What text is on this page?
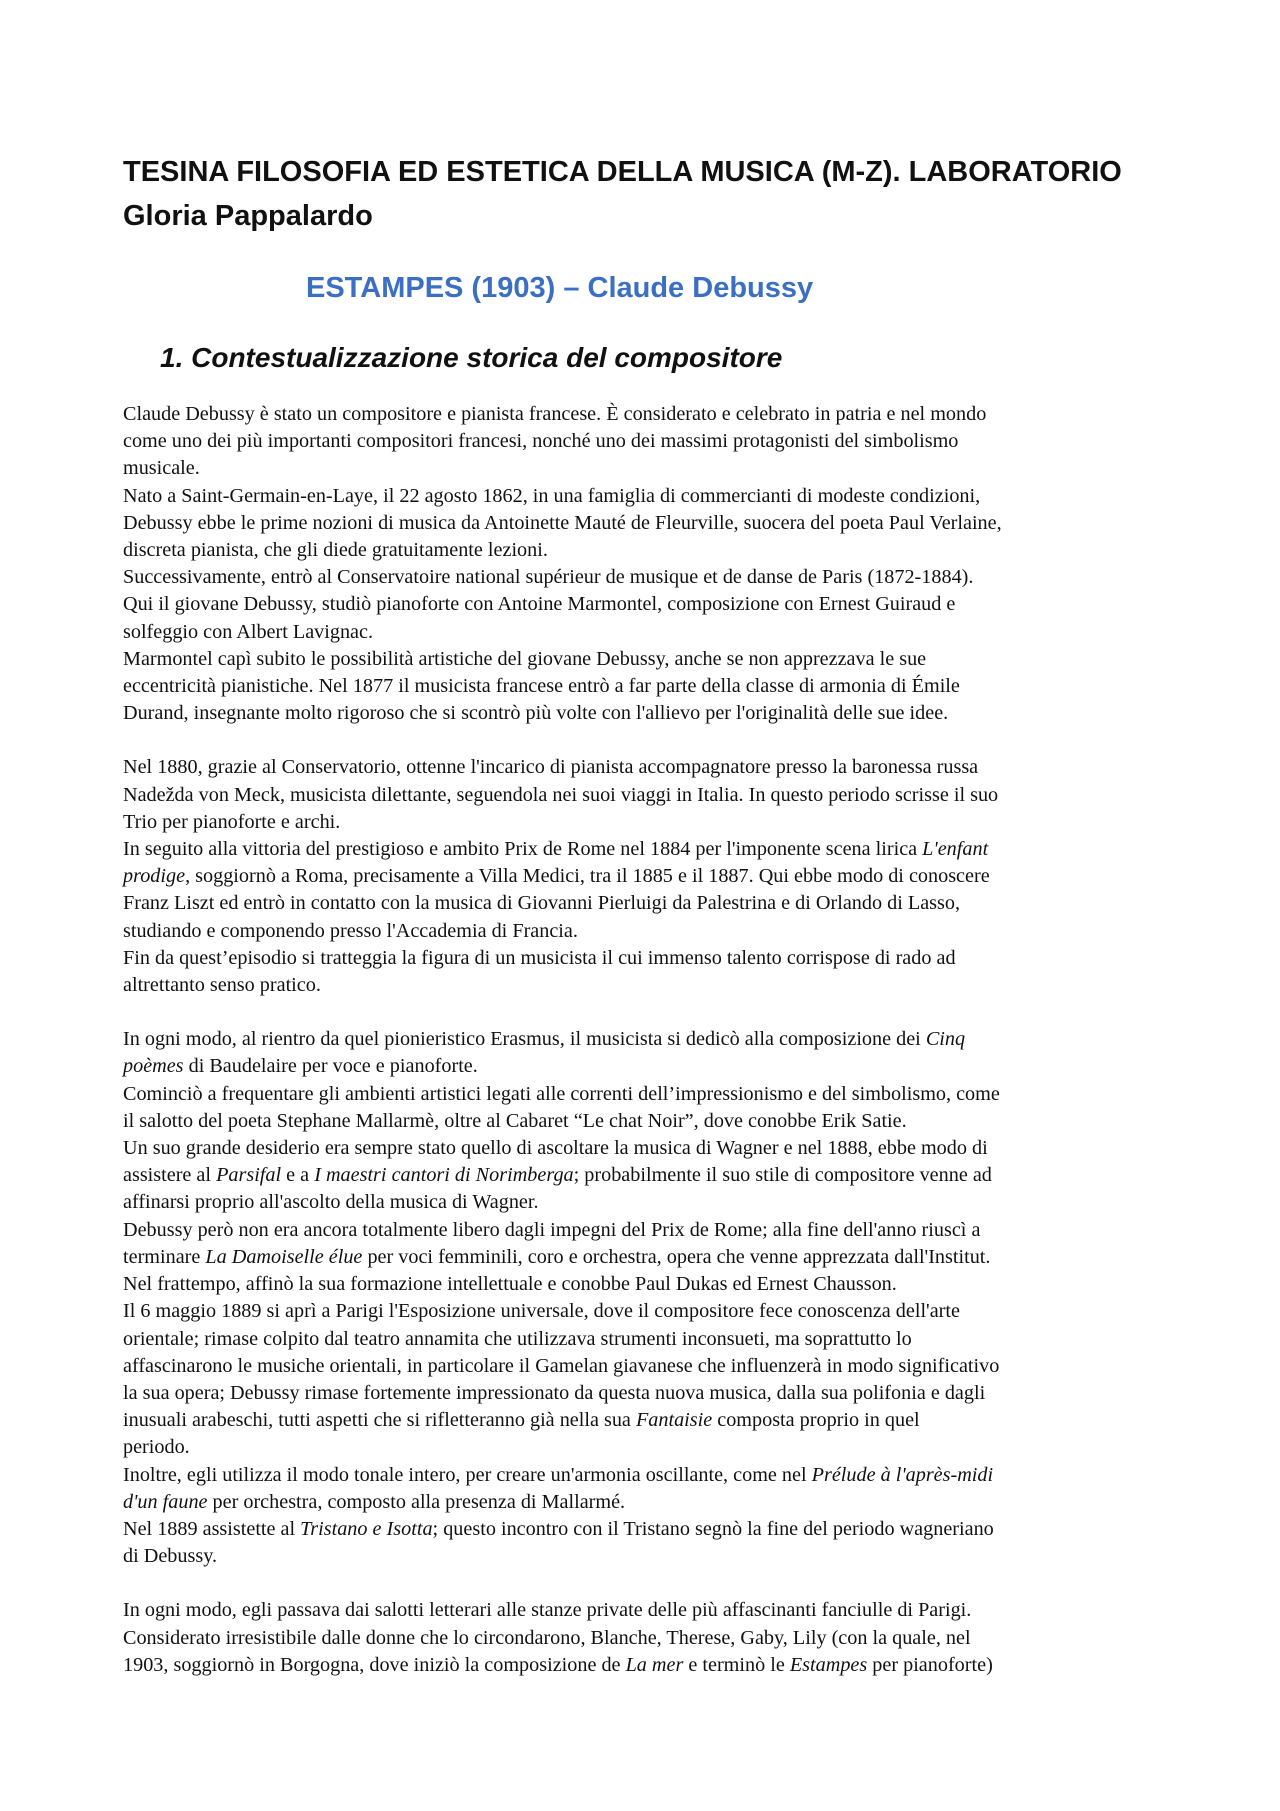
TESINA FILOSOFIA ED ESTETICA DELLA MUSICA (M-Z). LABORATORIO
Gloria Pappalardo
ESTAMPES (1903) – Claude Debussy
1. Contestualizzazione storica del compositore

Claude Debussy è stato un compositore e pianista francese. È considerato e celebrato in patria e nel mondo
come uno dei più importanti compositori francesi, nonché uno dei massimi protagonisti del simbolismo
musicale.
Nato a Saint-Germain-en-Laye, il 22 agosto 1862, in una famiglia di commercianti di modeste condizioni,
Debussy ebbe le prime nozioni di musica da Antoinette Mauté de Fleurville, suocera del poeta Paul Verlaine,
discreta pianista, che gli diede gratuitamente lezioni.
Successivamente, entrò al Conservatoire national supérieur de musique et de danse de Paris (1872-1884).
Qui il giovane Debussy, studiò pianoforte con Antoine Marmontel, composizione con Ernest Guiraud e
solfeggio con Albert Lavignac.
Marmontel capì subito le possibilità artistiche del giovane Debussy, anche se non apprezzava le sue
eccentricità pianistiche. Nel 1877 il musicista francese entrò a far parte della classe di armonia di Émile
Durand, insegnante molto rigoroso che si scontrò più volte con l'allievo per l'originalità delle sue idee.

Nel 1880, grazie al Conservatorio, ottenne l'incarico di pianista accompagnatore presso la baronessa russa
Nadežda von Meck, musicista dilettante, seguendola nei suoi viaggi in Italia. In questo periodo scrisse il suo
Trio per pianoforte e archi.
In seguito alla vittoria del prestigioso e ambito Prix de Rome nel 1884 per l'imponente scena lirica L'enfant
prodige, soggiornò a Roma, precisamente a Villa Medici, tra il 1885 e il 1887. Qui ebbe modo di conoscere
Franz Liszt ed entrò in contatto con la musica di Giovanni Pierluigi da Palestrina e di Orlando di Lasso,
studiando e componendo presso l'Accademia di Francia.
Fin da quest’episodio si tratteggia la figura di un musicista il cui immenso talento corrispose di rado ad
altrettanto senso pratico.

In ogni modo, al rientro da quel pionieristico Erasmus, il musicista si dedicò alla composizione dei Cinq
poèmes di Baudelaire per voce e pianoforte.
Cominciò a frequentare gli ambienti artistici legati alle correnti dell’impressionismo e del simbolismo, come
il salotto del poeta Stephane Mallarmè, oltre al Cabaret “Le chat Noir”, dove conobbe Erik Satie.
Un suo grande desiderio era sempre stato quello di ascoltare la musica di Wagner e nel 1888, ebbe modo di
assistere al Parsifal e a I maestri cantori di Norimberga; probabilmente il suo stile di compositore venne ad
affinarsi proprio all'ascolto della musica di Wagner.
Debussy però non era ancora totalmente libero dagli impegni del Prix de Rome; alla fine dell'anno riuscì a
terminare La Damoiselle élue per voci femminili, coro e orchestra, opera che venne apprezzata dall'Institut.
Nel frattempo, affinò la sua formazione intellettuale e conobbe Paul Dukas ed Ernest Chausson.
Il 6 maggio 1889 si aprì a Parigi l'Esposizione universale, dove il compositore fece conoscenza dell'arte
orientale; rimase colpito dal teatro annamita che utilizzava strumenti inconsueti, ma soprattutto lo
affascinarono le musiche orientali, in particolare il Gamelan giavanese che influenzerà in modo significativo
la sua opera; Debussy rimase fortemente impressionato da questa nuova musica, dalla sua polifonia e dagli
inusuali arabeschi, tutti aspetti che si rifletteranno già nella sua Fantaisie composta proprio in quel
periodo.
Inoltre, egli utilizza il modo tonale intero, per creare un'armonia oscillante, come nel Prélude à l'après-midi
d'un faune per orchestra, composto alla presenza di Mallarmé.
Nel 1889 assistette al Tristano e Isotta; questo incontro con il Tristano segnò la fine del periodo wagneriano
di Debussy.

In ogni modo, egli passava dai salotti letterari alle stanze private delle più affascinanti fanciulle di Parigi.
Considerato irresistibile dalle donne che lo circondarono, Blanche, Therese, Gaby, Lily (con la quale, nel
1903, soggiornò in Borgogna, dove iniziò la composizione de La mer e terminò le Estampes per pianoforte)
